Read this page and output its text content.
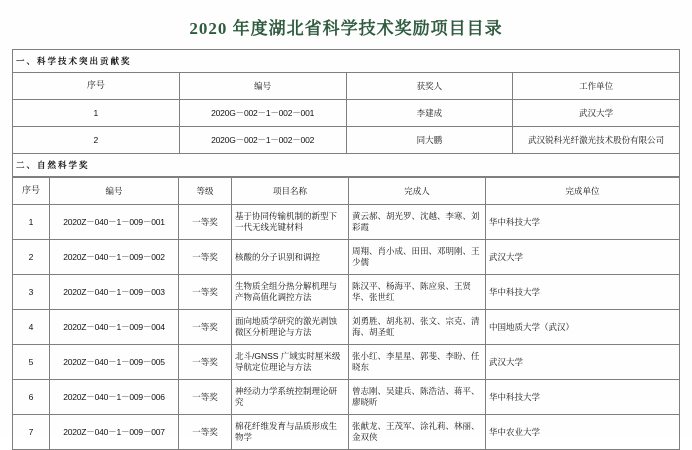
2020 年度湖北省科学技术奖励项目目录
一、科学技术突出贡献奖			
序号	编号	获奖人	工作单位
1	2020G－002－1－002－001	李建成	武汉大学
2	2020G－002－1－002－002	同大鹏	武汉锐科光纤激光技术股份有限公司
二、自然科学奖			
序号	编号	等级	项目名称	完成人	完成单位
1	2020Z－040－1－009－001	一等奖	基于协同传输机制的新型下一代无线光键材料	黄云郝、胡光罗、沈越、李寒、刘彩霞	华中科技大学
2	2020Z－040－1－009－002	一等奖	核酸的分子识别和调控	周翔、肖小成、田田、邓明刚、王少儒	武汉大学
3	2020Z－040－1－009－003	一等奖	生物质全组分热分解机理与产物高值化调控方法	陈汉平、杨海平、陈应泉、王贤华、张世红	华中科技大学
4	2020Z－040－1－009－004	一等奖	面向地质学研究的激光剥蚀微区分析理论与方法	刘勇胜、胡兆初、张文、宗克、清海、胡圣虹	中国地质大学（武汉）
5	2020Z－040－1－009－005	一等奖	北斗/GNSS 广域实时厘米级导航定位理论与方法	张小红、李星星、郭斐、李盼、任晓东	武汉大学
6	2020Z－040－1－009－006	一等奖	神经动力学系统控制理论研究	曾志刚、吴建兵、陈浩洁、蒋平、廖晓昕	华中科技大学
7	2020Z－040－1－009－007	一等奖	棉花纤维发育与品质形成生物学	张献龙、王茂军、涂礼莉、林丽、金双侠	华中农业大学
